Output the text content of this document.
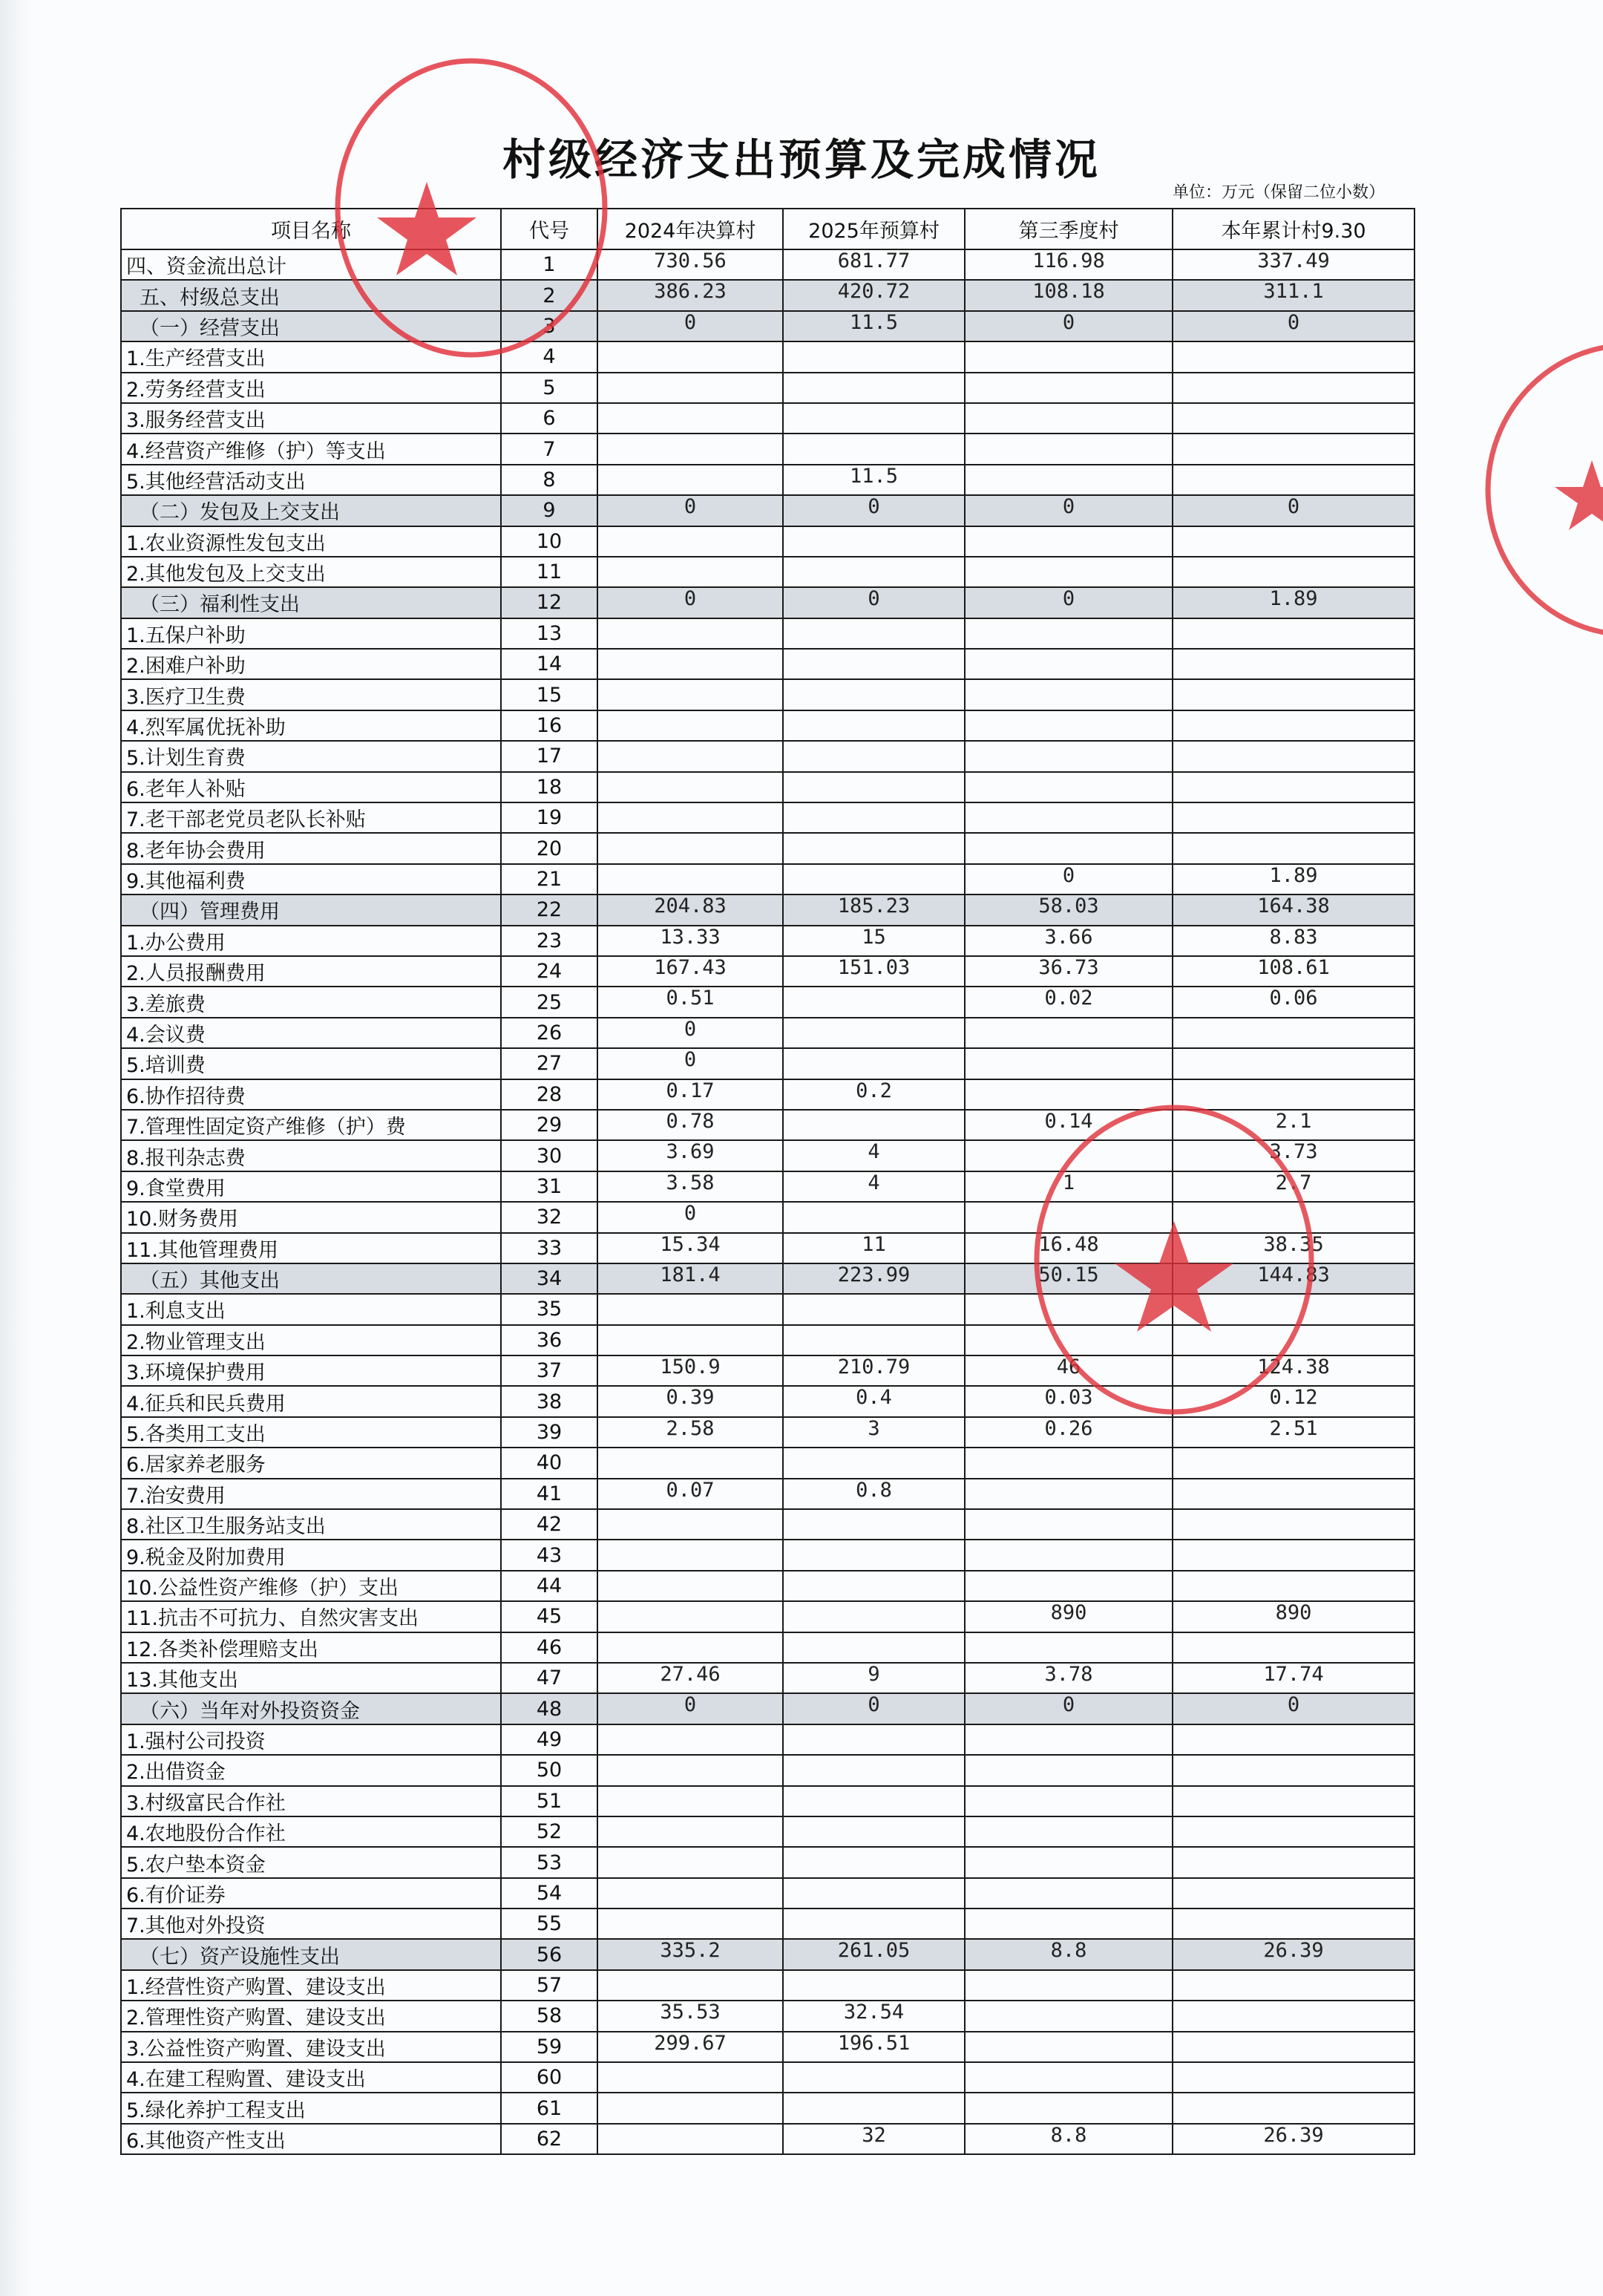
村级经济支出预算及完成情况
单位：万元（保留二位小数）
项目名称	代号	2024年决算村	2025年预算村	第三季度村	本年累计村9.30
四、资金流出总计	1	730.56	681.77	116.98	337.49
五、村级总支出	2	386.23	420.72	108.18	311.1
（一）经营支出	3	0	11.5	0	0
1.生产经营支出	4				
2.劳务经营支出	5				
3.服务经营支出	6				
4.经营资产维修（护）等支出	7				
5.其他经营活动支出	8		11.5		
（二）发包及上交支出	9	0	0	0	0
1.农业资源性发包支出	10				
2.其他发包及上交支出	11				
（三）福利性支出	12	0	0	0	1.89
1.五保户补助	13				
2.困难户补助	14				
3.医疗卫生费	15				
4.烈军属优抚补助	16				
5.计划生育费	17				
6.老年人补贴	18				
7.老干部老党员老队长补贴	19				
8.老年协会费用	20				
9.其他福利费	21			0	1.89
（四）管理费用	22	204.83	185.23	58.03	164.38
1.办公费用	23	13.33	15	3.66	8.83
2.人员报酬费用	24	167.43	151.03	36.73	108.61
3.差旅费	25	0.51		0.02	0.06
4.会议费	26	0			
5.培训费	27	0			
6.协作招待费	28	0.17	0.2		
7.管理性固定资产维修（护）费	29	0.78		0.14	2.1
8.报刊杂志费	30	3.69	4		3.73
9.食堂费用	31	3.58	4	1	2.7
10.财务费用	32	0			
11.其他管理费用	33	15.34	11	16.48	38.35
（五）其他支出	34	181.4	223.99	50.15	144.83
1.利息支出	35				
2.物业管理支出	36				
3.环境保护费用	37	150.9	210.79	46	124.38
4.征兵和民兵费用	38	0.39	0.4	0.03	0.12
5.各类用工支出	39	2.58	3	0.26	2.51
6.居家养老服务	40				
7.治安费用	41	0.07	0.8		
8.社区卫生服务站支出	42				
9.税金及附加费用	43				
10.公益性资产维修（护）支出	44				
11.抗击不可抗力、自然灾害支出	45			890	890
12.各类补偿理赔支出	46				
13.其他支出	47	27.46	9	3.78	17.74
（六）当年对外投资资金	48	0	0	0	0
1.强村公司投资	49				
2.出借资金	50				
3.村级富民合作社	51				
4.农地股份合作社	52				
5.农户垫本资金	53				
6.有价证券	54				
7.其他对外投资	55				
（七）资产设施性支出	56	335.2	261.05	8.8	26.39
1.经营性资产购置、建设支出	57				
2.管理性资产购置、建设支出	58	35.53	32.54		
3.公益性资产购置、建设支出	59	299.67	196.51		
4.在建工程购置、建设支出	60				
5.绿化养护工程支出	61				
6.其他资产性支出	62		32	8.8	26.39
